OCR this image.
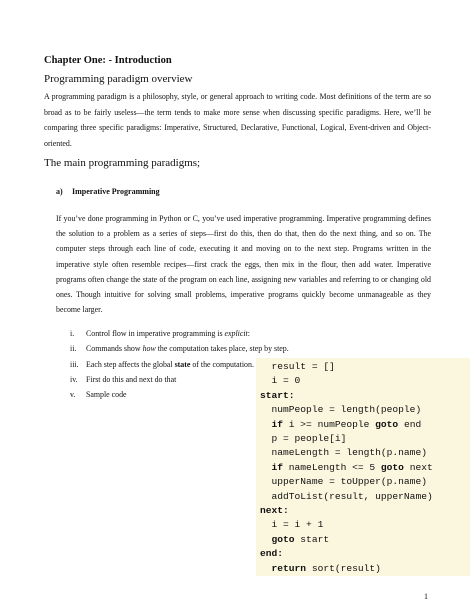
Chapter One: - Introduction
Programming paradigm overview
A programming paradigm is a philosophy, style, or general approach to writing code. Most definitions of the term are so broad as to be fairly useless—the term tends to make more sense when discussing specific paradigms. Here, we’ll be comparing three specific paradigms: Imperative, Structured, Declarative, Functional, Logical, Event-driven and Object-oriented.
The main programming paradigms;
a) Imperative Programming
If you’ve done programming in Python or C, you’ve used imperative programming. Imperative programming defines the solution to a problem as a series of steps—first do this, then do that, then do the next thing, and so on. The computer steps through each line of code, executing it and moving on to the next step. Programs written in the imperative style often resemble recipes—first crack the eggs, then mix in the flour, then add water. Imperative programs often change the state of the program on each line, assigning new variables and referring to or changing old ones. Though intuitive for solving small problems, imperative programs quickly become unmanageable as they become larger.
i. Control flow in imperative programming is explicit:
ii. Commands show how the computation takes place, step by step.
iii. Each step affects the global state of the computation.
iv. First do this and next do that
v. Sample code
result = []
i = 0
start:
numPeople = length(people)
if i >= numPeople goto end
p = people[i]
nameLength = length(p.name)
if nameLength <= 5 goto next
upperName = toUpper(p.name)
addToList(result, upperName)
next:
i = i + 1
goto start
end:
return sort(result)
1
